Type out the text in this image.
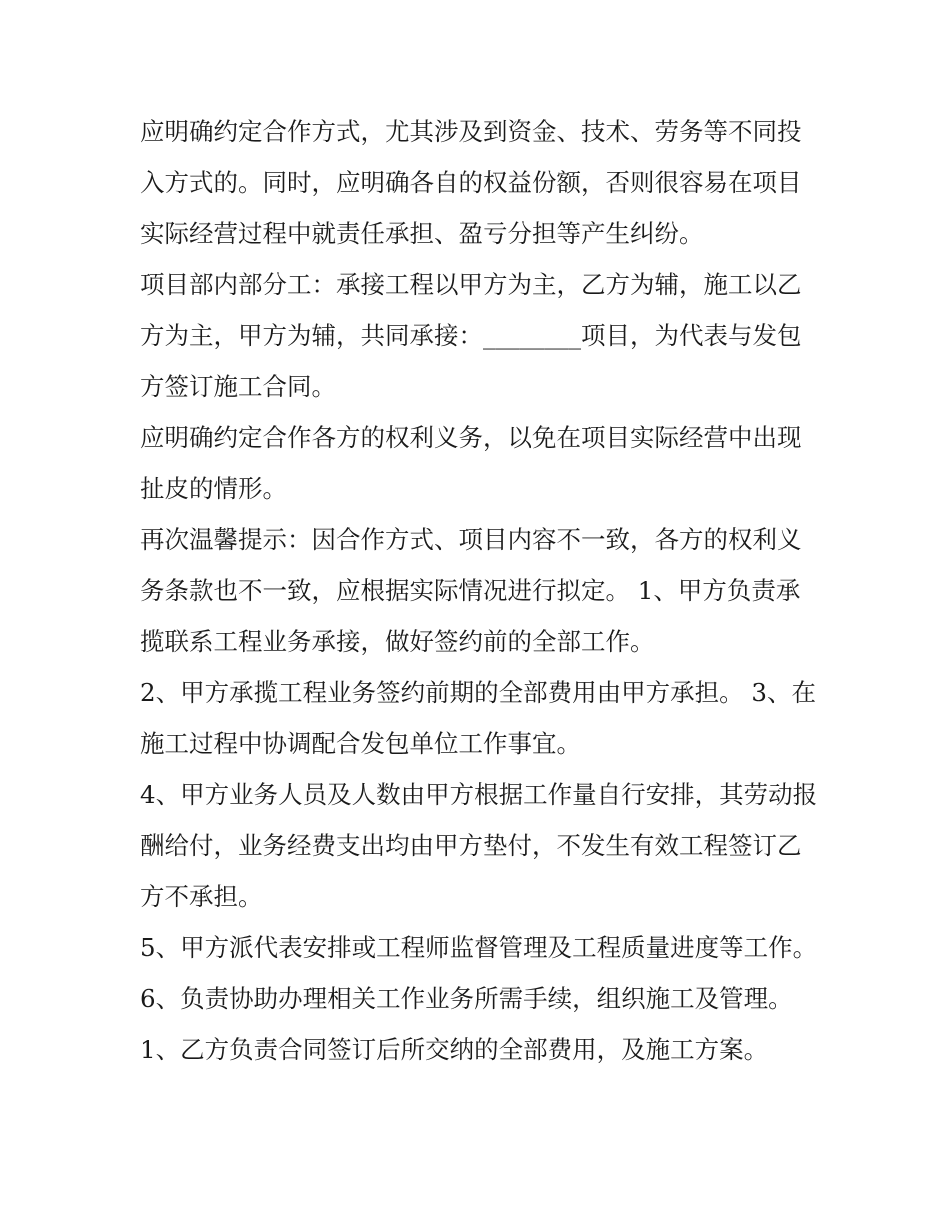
应明确约定合作方式，尤其涉及到资金、技术、劳务等不同投入方式的。同时，应明确各自的权益份额，否则很容易在项目实际经营过程中就责任承担、盈亏分担等产生纠纷。

项目部内部分工：承接工程以甲方为主，乙方为辅，施工以乙方为主，甲方为辅，共同承接：________项目，为代表与发包方签订施工合同。

应明确约定合作各方的权利义务，以免在项目实际经营中出现扯皮的情形。

再次温馨提示：因合作方式、项目内容不一致，各方的权利义务条款也不一致，应根据实际情况进行拟定。 1、甲方负责承揽联系工程业务承接，做好签约前的全部工作。

2、甲方承揽工程业务签约前期的全部费用由甲方承担。 3、在施工过程中协调配合发包单位工作事宜。

4、甲方业务人员及人数由甲方根据工作量自行安排，其劳动报酬给付，业务经费支出均由甲方垫付，不发生有效工程签订乙方不承担。

5、甲方派代表安排或工程师监督管理及工程质量进度等工作。 6、负责协助办理相关工作业务所需手续，组织施工及管理。

1、乙方负责合同签订后所交纳的全部费用，及施工方案。
